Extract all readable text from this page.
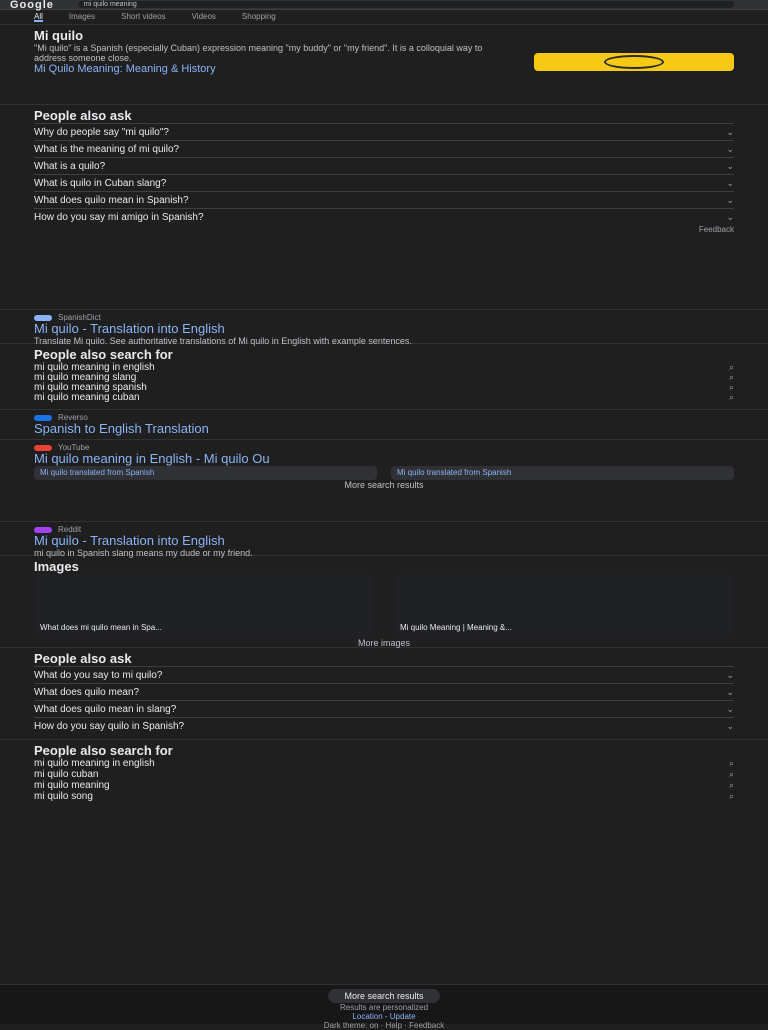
Google	mi quilo meaning
All	Images	Short videos	Videos	Shopping
Mi quilo
"Mi quilo" is a Spanish (especially Cuban) expression meaning "my buddy" or "my friend". It is a colloquial way to address someone close.
Mi Quilo Meaning: Meaning & History
People also ask
Why do people say "mi quilo"?	⌄
What is the meaning of mi quilo?	⌄
What is a quilo?	⌄
What is quilo in Cuban slang?	⌄
What does quilo mean in Spanish?	⌄
How do you say mi amigo in Spanish?	⌄
Feedback
SpanishDict
Mi quilo - Translation into English
Translate Mi quilo. See authoritative translations of Mi quilo in English with example sentences.
People also search for
mi quilo meaning in english	⌕
mi quilo meaning slang	⌕
mi quilo meaning spanish	⌕
mi quilo meaning cuban	⌕
Reverso
Spanish to English Translation
YouTube
Mi quilo meaning in English - Mi quilo Ou
Mi quilo translated from Spanish	Mi quilo translated from Spanish
More search results
Reddit
Mi quilo - Translation into English
mi quilo in Spanish slang means my dude or my friend.
Images
What does mi quilo mean in Spa...	Mi quilo Meaning | Meaning &...
More images
People also ask
What do you say to mi quilo?	⌄
What does quilo mean?	⌄
What does quilo mean in slang?	⌄
How do you say quilo in Spanish?	⌄
People also search for
mi quilo meaning in english	⌕
mi quilo cuban	⌕
mi quilo meaning	⌕
mi quilo song	⌕
More search results
Results are personalized
Location - Update
Dark theme: on · Help · Feedback
